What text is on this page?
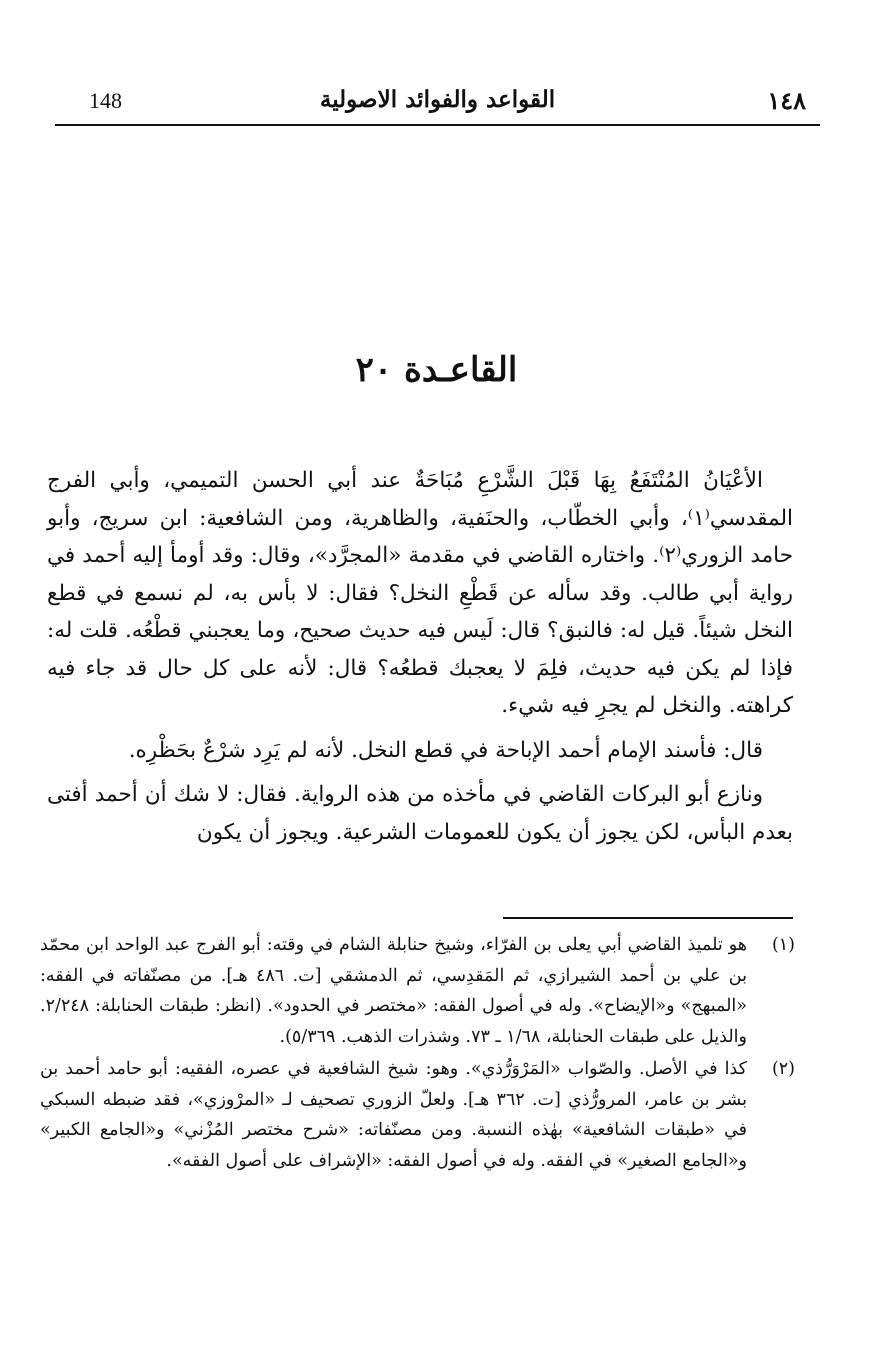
148	القواعد والفوائد الاصولية	١٤٨
القاعـدة ٢٠

الأعْيَانُ المُنْتَفَعُ بِهَا قَبْلَ الشَّرْعِ مُبَاحَةٌ عند أبي الحسن التميمي، وأبي الفرج المقدسي⁽١⁾، وأبي الخطّاب، والحنَفية، والظاهرية، ومن الشافعية: ابن سريج، وأبو حامد الزوري⁽٢⁾. واختاره القاضي في مقدمة «المجرَّد»، وقال: وقد أومأ إليه أحمد في رواية أبي طالب. وقد سأله عن قَطْعِ النخل؟ فقال: لا بأس به، لم نسمع في قطع النخل شيئاً. قيل له: فالنبق؟ قال: لَيس فيه حديث صحيح، وما يعجبني قطْعُه. قلت له: فإذا لم يكن فيه حديث، فلِمَ لا يعجبك قطعُه؟ قال: لأنه على كل حال قد جاء فيه كراهته. والنخل لم يجرِ فيه شيء.

قال: فأسند الإمام أحمد الإباحة في قطع النخل. لأنه لم يَرِد شرْعٌ بحَظْرِه.

ونازع أبو البركات القاضي في مأخذه من هذه الرواية. فقال: لا شك أن أحمد أفتى بعدم البأس، لكن يجوز أن يكون للعمومات الشرعية. ويجوز أن يكون

(١)
هو تلميذ القاضي أبي يعلى بن الفرّاء، وشيخ حنابلة الشام في وقته: أبو الفرج عبد الواحد ابن محمّد بن علي بن أحمد الشيرازي، ثم المَقدِسي، ثم الدمشقي [ت. ٤٨٦ هـ]. من مصنّفاته في الفقه: «المبهج» و«الإيضاح». وله في أصول الفقه: «مختصر في الحدود». (انظر: طبقات الحنابلة: ٢/٢٤٨. والذيل على طبقات الحنابلة، ١/٦٨ ـ ٧٣. وشذرات الذهب. ٥/٣٦٩).
(٢)
كذا في الأصل. والصّواب «المَرْوَرُّذي». وهو: شيخ الشافعية في عصره، الفقيه: أبو حامد أحمد بن بشر بن عامر، المرورُّذي [ت. ٣٦٢ هـ]. ولعلّ الزوري تصحيف لـ «المرْوزي»، فقد ضبطه السبكي في «طبقات الشافعية» بهٰذه النسبة. ومن مصنّفاته: «شرح مختصر المُزْني» و«الجامع الكبير» و«الجامع الصغير» في الفقه. وله في أصول الفقه: «الإشراف على أصول الفقه».
